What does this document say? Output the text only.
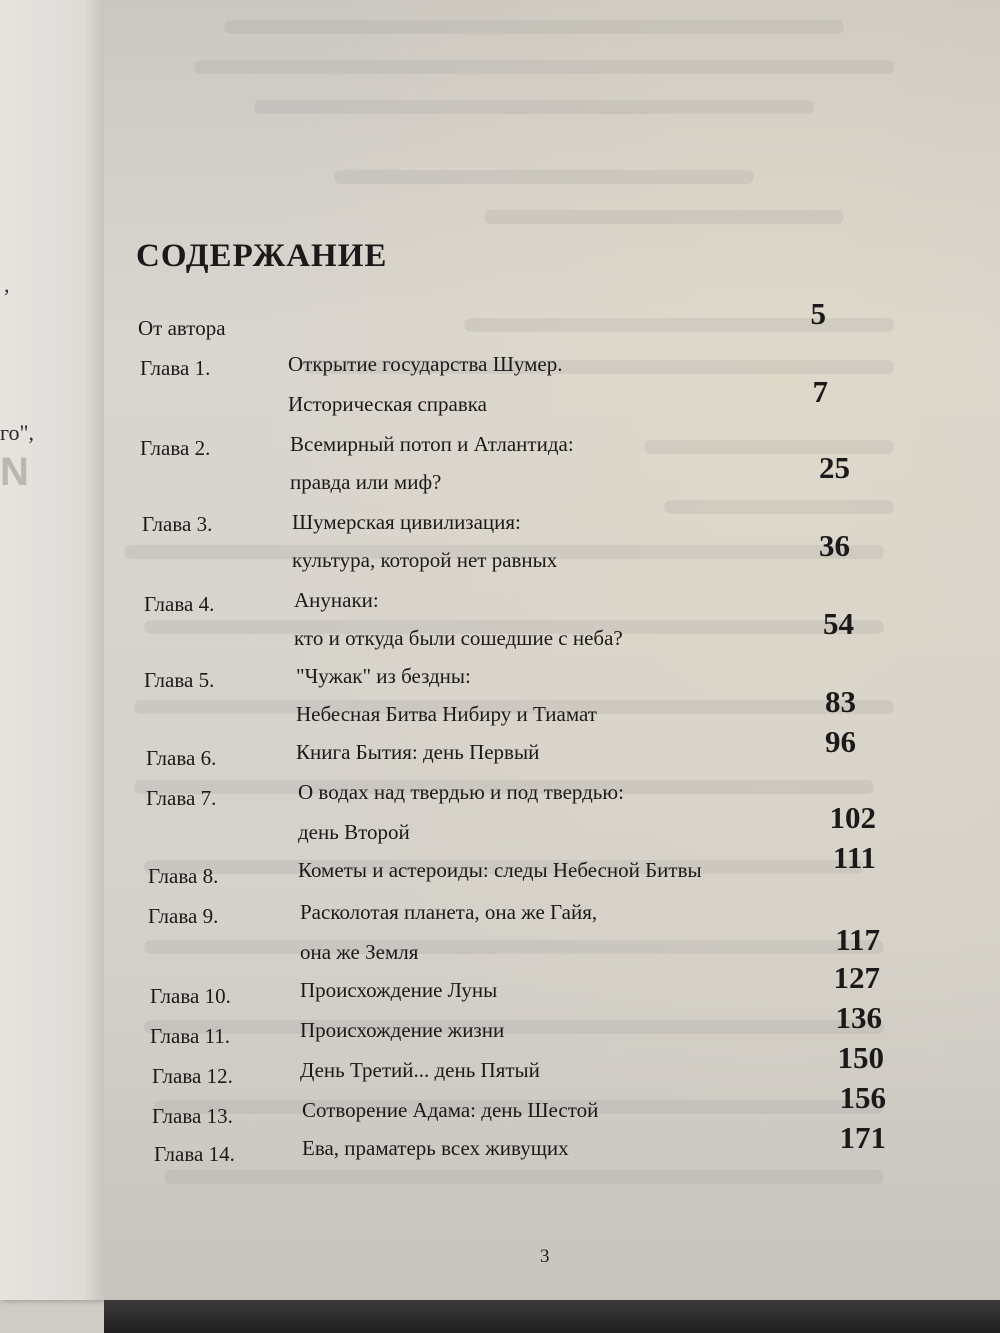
,
го",
N
СОДЕРЖАНИЕ
От автора	5
Глава 1.	Открытие государства Шумер.
Историческая справка	7
Глава 2.	Всемирный потоп и Атлантида:
правда или миф?	25
Глава 3.	Шумерская цивилизация:
культура, которой нет равных	36
Глава 4.	Анунаки:
кто и откуда были сошедшие с неба?	54
Глава 5.	"Чужак" из бездны:
Небесная Битва Нибиру и Тиамат	83
Глава 6.	Книга Бытия: день Первый	96
Глава 7.	О водах над твердью и под твердью:
день Второй	102
Глава 8.	Кометы и астероиды: следы Небесной Битвы	111
Глава 9.	Расколотая планета, она же Гайя,
она же Земля	117
Глава 10.	Происхождение Луны	127
Глава 11.	Происхождение жизни	136
Глава 12.	День Третий... день Пятый	150
Глава 13.	Сотворение Адама: день Шестой	156
Глава 14.	Ева, праматерь всех живущих	171
3
